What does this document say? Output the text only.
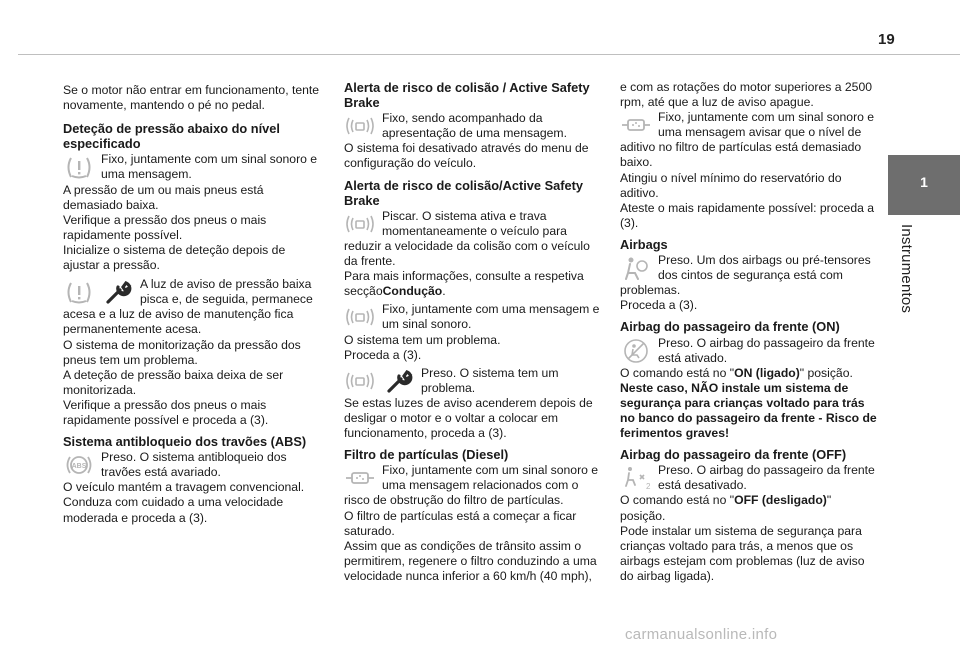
19
1
Instrumentos

Se o motor não entrar em funcionamento, tente novamente, mantendo o pé no pedal.

Deteção de pressão abaixo do nível especificado
Fixo, juntamente com um sinal sonoro e uma mensagem.

A pressão de um ou mais pneus está demasiado baixa.

Verifique a pressão dos pneus o mais rapidamente possível.

Inicialize o sistema de deteção depois de ajustar a pressão.

A luz de aviso de pressão baixa pisca e, de seguida, permanece acesa e a luz de aviso de manutenção fica permanentemente acesa.

O sistema de monitorização da pressão dos pneus tem um problema.

A deteção de pressão baixa deixa de ser monitorizada.

Verifique a pressão dos pneus o mais rapidamente possível e proceda a (3).

Sistema antibloqueio dos travões (ABS)
ABS
Preso. O sistema antibloqueio dos travões está avariado.

O veículo mantém a travagem convencional.

Conduza com cuidado a uma velocidade moderada e proceda a (3).

Alerta de risco de colisão / Active Safety Brake
Fixo, sendo acompanhado da apresentação de uma mensagem.

O sistema foi desativado através do menu de configuração do veículo.

Alerta de risco de colisão/Active Safety Brake
Piscar. O sistema ativa e trava momentaneamente o veículo para reduzir a velocidade da colisão com o veículo da frente.

Para mais informações, consulte a respetiva secçãoCondução.

Fixo, juntamente com uma mensagem e um sinal sonoro.

O sistema tem um problema.

Proceda a (3).

Preso. O sistema tem um problema.

Se estas luzes de aviso acenderem depois de desligar o motor e o voltar a colocar em funcionamento, proceda a (3).

Filtro de partículas (Diesel)
Fixo, juntamente com um sinal sonoro e uma mensagem relacionados com o risco de obstrução do filtro de partículas.

O filtro de partículas está a começar a ficar saturado.

Assim que as condições de trânsito assim o permitirem, regenere o filtro conduzindo a uma velocidade nunca inferior a 60 km/h (40 mph),

e com as rotações do motor superiores a 2500 rpm, até que a luz de aviso apague.

Fixo, juntamente com um sinal sonoro e uma mensagem avisar que o nível de aditivo no filtro de partículas está demasiado baixo.

Atingiu o nível mínimo do reservatório do aditivo.

Ateste o mais rapidamente possível: proceda a (3).

Airbags
Preso. Um dos airbags ou pré-tensores dos cintos de segurança está com problemas.

Proceda a (3).

Airbag do passageiro da frente (ON)
Preso. O airbag do passageiro da frente está ativado.

O comando está no "ON (ligado)" posição.

Neste caso, NÃO instale um sistema de segurança para crianças voltado para trás no banco do passageiro da frente - Risco de ferimentos graves!

Airbag do passageiro da frente (OFF)
2
Preso. O airbag do passageiro da frente está desativado.

O comando está no "OFF (desligado)" posição.

Pode instalar um sistema de segurança para crianças voltado para trás, a menos que os airbags estejam com problemas (luz de aviso do airbag ligada).

carmanualsonline.info
